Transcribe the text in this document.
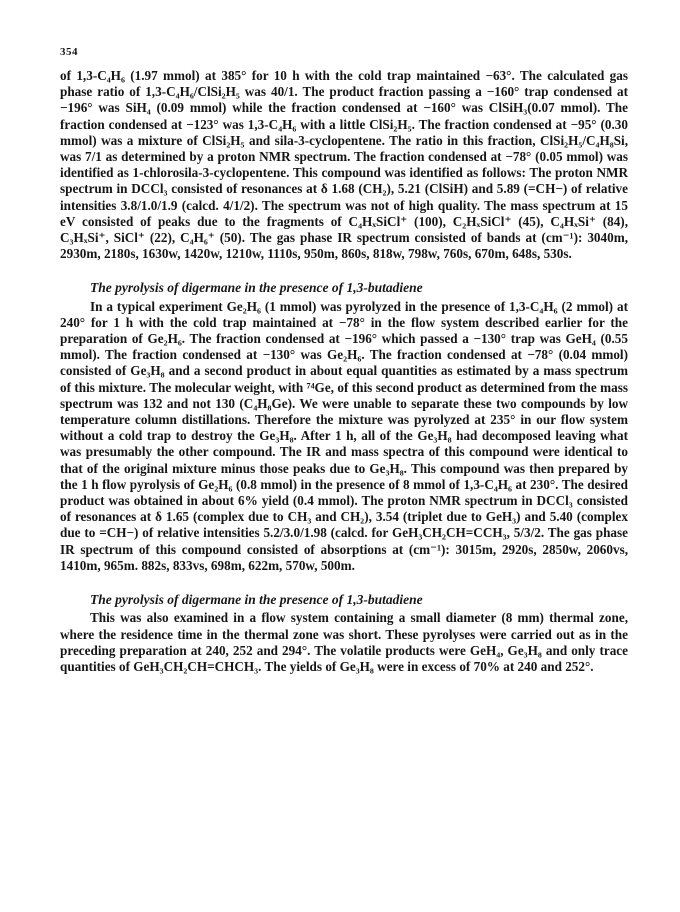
354

of 1,3-C₄H₆ (1.97 mmol) at 385° for 10 h with the cold trap maintained −63°. The calculated gas phase ratio of 1,3-C₄H₆/ClSi₂H₅ was 40/1. The product fraction passing a −160° trap condensed at −196° was SiH₄ (0.09 mmol) while the fraction condensed at −160° was ClSiH₃(0.07 mmol). The fraction condensed at −123° was 1,3-C₄H₆ with a little ClSi₂H₅. The fraction condensed at −95° (0.30 mmol) was a mixture of ClSi₂H₅ and sila-3-cyclopentene. The ratio in this fraction, ClSi₂H₅/C₄H₈Si, was 7/1 as determined by a proton NMR spectrum. The fraction condensed at −78° (0.05 mmol) was identified as 1-chlorosila-3-cyclopentene. This compound was identified as follows: The proton NMR spectrum in DCCl₃ consisted of resonances at δ 1.68 (CH₂), 5.21 (ClSiH) and 5.89 (=CH−) of relative intensities 3.8/1.0/1.9 (calcd. 4/1/2). The spectrum was not of high quality. The mass spectrum at 15 eV consisted of peaks due to the fragments of C₄HₓSiCl⁺ (100), C₂HₓSiCl⁺ (45), C₄HₓSi⁺ (84), C₃HₓSi⁺, SiCl⁺ (22), C₄H₆⁺ (50). The gas phase IR spectrum consisted of bands at (cm⁻¹): 3040m, 2930m, 2180s, 1630w, 1420w, 1210w, 1110s, 950m, 860s, 818w, 798w, 760s, 670m, 648s, 530s.

The pyrolysis of digermane in the presence of 1,3-butadiene

In a typical experiment Ge₂H₆ (1 mmol) was pyrolyzed in the presence of 1,3-C₄H₆ (2 mmol) at 240° for 1 h with the cold trap maintained at −78° in the flow system described earlier for the preparation of Ge₂H₆. The fraction condensed at −196° which passed a −130° trap was GeH₄ (0.55 mmol). The fraction condensed at −130° was Ge₂H₆. The fraction condensed at −78° (0.04 mmol) consisted of Ge₃H₈ and a second product in about equal quantities as estimated by a mass spectrum of this mixture. The molecular weight, with ⁷⁴Ge, of this second product as determined from the mass spectrum was 132 and not 130 (C₄H₈Ge). We were unable to separate these two compounds by low temperature column distillations. Therefore the mixture was pyrolyzed at 235° in our flow system without a cold trap to destroy the Ge₃H₈. After 1 h, all of the Ge₃H₈ had decomposed leaving what was presumably the other compound. The IR and mass spectra of this compound were identical to that of the original mixture minus those peaks due to Ge₃H₈. This compound was then prepared by the 1 h flow pyrolysis of Ge₂H₆ (0.8 mmol) in the presence of 8 mmol of 1,3-C₄H₆ at 230°. The desired product was obtained in about 6% yield (0.4 mmol). The proton NMR spectrum in DCCl₃ consisted of resonances at δ 1.65 (complex due to CH₃ and CH₂), 3.54 (triplet due to GeH₃) and 5.40 (complex due to =CH−) of relative intensities 5.2/3.0/1.98 (calcd. for GeH₃CH₂CH=CCH₃, 5/3/2. The gas phase IR spectrum of this compound consisted of absorptions at (cm⁻¹): 3015m, 2920s, 2850w, 2060vs, 1410m, 965m. 882s, 833vs, 698m, 622m, 570w, 500m.

The pyrolysis of digermane in the presence of 1,3-butadiene

This was also examined in a flow system containing a small diameter (8 mm) thermal zone, where the residence time in the thermal zone was short. These pyrolyses were carried out as in the preceding preparation at 240, 252 and 294°. The volatile products were GeH₄, Ge₃H₈ and only trace quantities of GeH₃CH₂CH=CHCH₃. The yields of Ge₃H₈ were in excess of 70% at 240 and 252°.
